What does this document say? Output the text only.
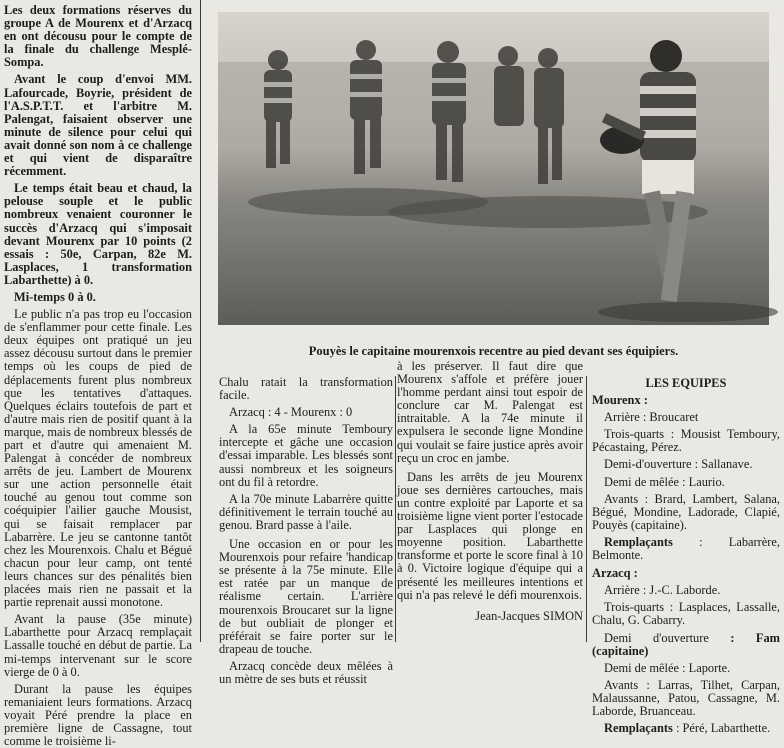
Les deux formations réserves du groupe A de Mourenx et d'Arzacq en ont décousu pour le compte de la finale du challenge Mesplé-Sompa.

Avant le coup d'envoi MM. Lafourcade, Boyrie, président de l'A.S.P.T.T. et l'arbitre M. Palengat, faisaient observer une minute de silence pour celui qui avait donné son nom à ce challenge et qui vient de disparaître récemment.

Le temps était beau et chaud, la pelouse souple et le public nombreux venaient couronner le succès d'Arzacq qui s'imposait devant Mourenx par 10 points (2 essais : 50e, Carpan, 82e M. Lasplaces, 1 transformation Labarthette) à 0.

Mi-temps 0 à 0.

Le public n'a pas trop eu l'occasion de s'enflammer pour cette finale. Les deux équipes ont pratiqué un jeu assez décousu surtout dans le premier temps où les coups de pied de déplacements furent plus nombreux que les tentatives d'attaques. Quelques éclairs toutefois de part et d'autre mais rien de positif quant à la marque, mais de nombreux blessés de part et d'autre qui amenaient M. Palengat à concéder de nombreux arrêts de jeu. Lambert de Mourenx sur une action personnelle était touché au genou tout comme son coéquipier l'ailier gauche Mousist, qui se faisait remplacer par Labarrère. Le jeu se cantonne tantôt chez les Mourenxois. Chalu et Bégué chacun pour leur camp, ont tenté leurs chances sur des pénalités bien placées mais rien ne passait et la partie reprenait aussi monotone.

Avant la pause (35e minute) Labarthette pour Arzacq remplaçait Lassalle touché en début de partie. La mi-temps intervenant sur le score vierge de 0 à 0.

Durant la pause les équipes remaniaient leurs formations. Arzacq voyait Péré prendre la place en première ligne de Cassagne, tout comme le troisième li-

Pouyès le capitaine mourenxois recentre au pied devant ses équipiers.

Chalu ratait la transformation facile.

Arzacq : 4 - Mourenx : 0

A la 65e minute Temboury intercepte et gâche une occasion d'essai imparable. Les blessés sont aussi nombreux et les soigneurs ont du fil à retordre.

A la 70e minute Labarrère quitte définitivement le terrain touché au genou. Brard passe à l'aile.

Une occasion en or pour les Mourenxois pour refaire 'handicap se présente à la 75e minute. Elle est ratée par un manque de réalisme certain. L'arrière mourenxois Broucaret sur la ligne de but oubliait de plonger et préférait se faire porter sur le drapeau de touche.

Arzacq concède deux mêlées à un mètre de ses buts et réussit

à les préserver. Il faut dire que Mourenx s'affole et préfère jouer l'homme perdant ainsi tout espoir de conclure car M. Palengat est intraitable. A la 74e minute il expulsera le seconde ligne Mondine qui voulait se faire justice après avoir reçu un croc en jambe.

Dans les arrêts de jeu Mourenx joue ses dernières cartouches, mais un contre exploité par Laporte et sa troisième ligne vient porter l'estocade par Lasplaces qui plonge en moyenne position. Labarthette transforme et porte le score final à 10 à 0. Victoire logique d'équipe qui a présenté les meilleures intentions et qui n'a pas relevé le défi mourenxois.

Jean-Jacques SIMON

LES EQUIPES

Mourenx :

Arrière : Broucaret

Trois-quarts : Mousist Temboury, Pécastaing, Pérez.

Demi-d'ouverture : Sallanave.

Demi de mêlée : Laurio.

Avants : Brard, Lambert, Salana, Bégué, Mondine, Ladorade, Clapié, Pouyès (capitaine).

Remplaçants : Labarrère, Belmonte.

Arzacq :

Arrière : J.-C. Laborde.

Trois-quarts : Lasplaces, Lassalle, Chalu, G. Cabarry.

Demi d'ouverture : Fam (capitaine)

Demi de mêlée : Laporte.

Avants : Larras, Tilhet, Carpan, Malaussanne, Patou, Cassagne, M. Laborde, Bruanceau.

Remplaçants : Péré, Labarthette.
